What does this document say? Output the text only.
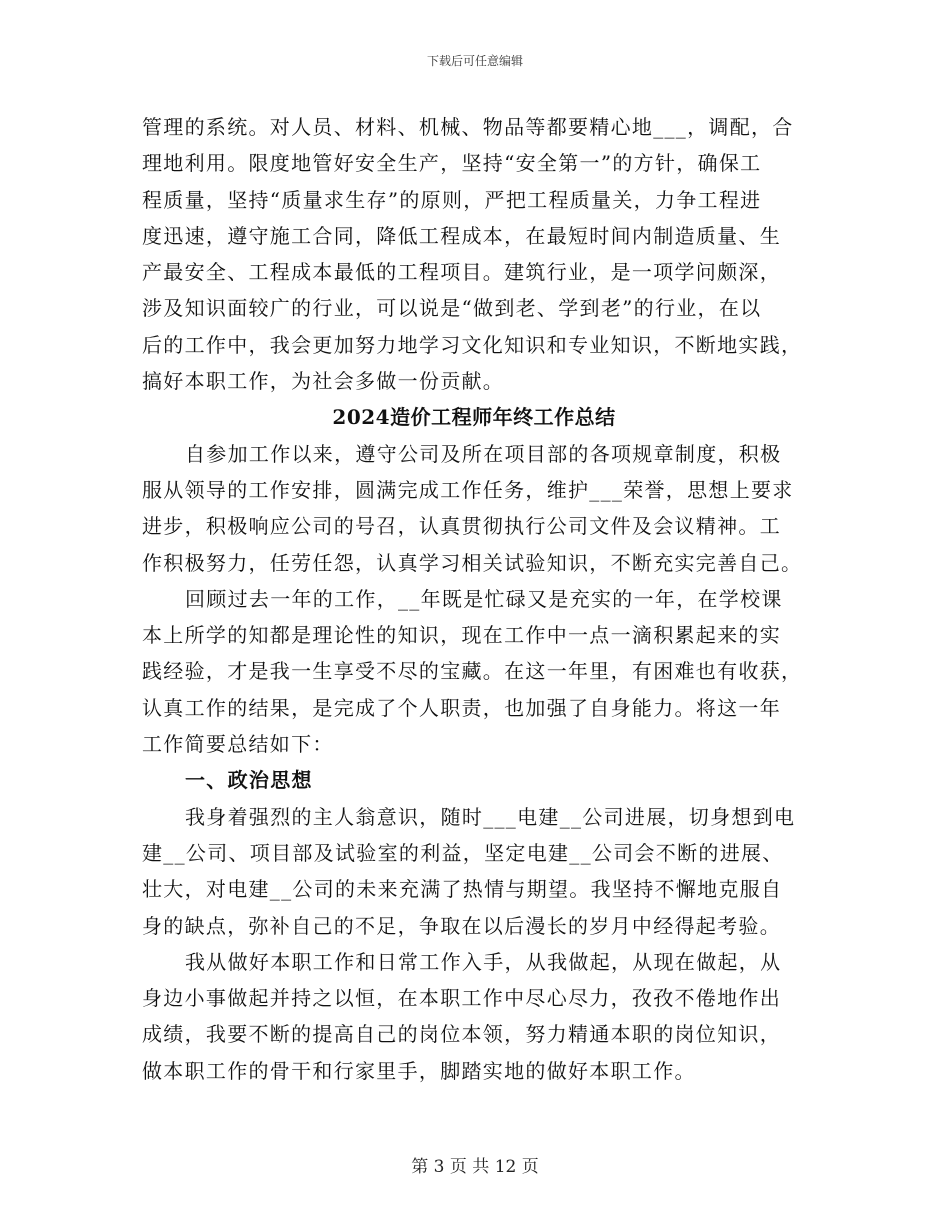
下载后可任意编辑
管理的系统。对人员、材料、机械、物品等都要精心地___，调配，合
理地利用。限度地管好安全生产，坚持“安全第一”的方针，确保工
程质量，坚持“质量求生存”的原则，严把工程质量关，力争工程进
度迅速，遵守施工合同，降低工程成本，在最短时间内制造质量、生
产最安全、工程成本最低的工程项目。建筑行业，是一项学问颇深，
涉及知识面较广的行业，可以说是“做到老、学到老”的行业，在以
后的工作中，我会更加努力地学习文化知识和专业知识，不断地实践，
搞好本职工作，为社会多做一份贡献。
2024造价工程师年终工作总结
自参加工作以来，遵守公司及所在项目部的各项规章制度，积极
服从领导的工作安排，圆满完成工作任务，维护___荣誉，思想上要求
进步，积极响应公司的号召，认真贯彻执行公司文件及会议精神。工
作积极努力，任劳任怨，认真学习相关试验知识，不断充实完善自己。
回顾过去一年的工作，__年既是忙碌又是充实的一年，在学校课
本上所学的知都是理论性的知识，现在工作中一点一滴积累起来的实
践经验，才是我一生享受不尽的宝藏。在这一年里，有困难也有收获，
认真工作的结果，是完成了个人职责，也加强了自身能力。将这一年
工作简要总结如下：
一、政治思想
我身着强烈的主人翁意识，随时___电建__公司进展，切身想到电
建__公司、项目部及试验室的利益，坚定电建__公司会不断的进展、
壮大，对电建__公司的未来充满了热情与期望。我坚持不懈地克服自
身的缺点，弥补自己的不足，争取在以后漫长的岁月中经得起考验。
我从做好本职工作和日常工作入手，从我做起，从现在做起，从
身边小事做起并持之以恒，在本职工作中尽心尽力，孜孜不倦地作出
成绩，我要不断的提高自己的岗位本领，努力精通本职的岗位知识，
做本职工作的骨干和行家里手，脚踏实地的做好本职工作。
第 3 页 共 12 页
